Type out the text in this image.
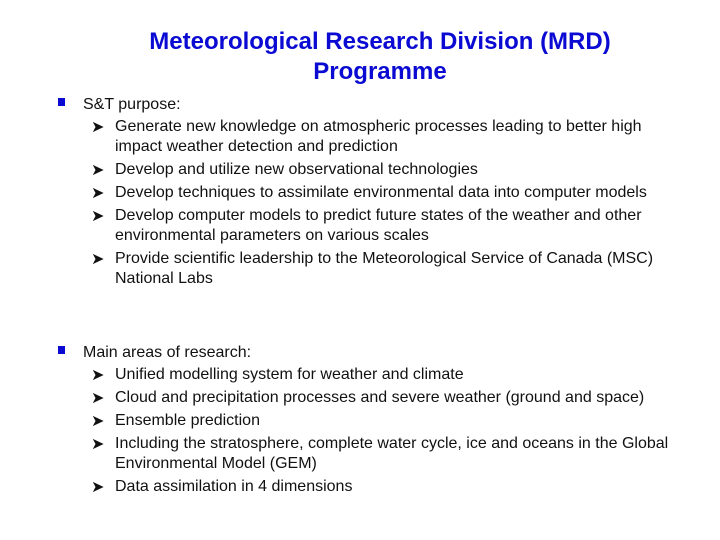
Meteorological Research Division (MRD)
Programme
S&T purpose:
➤ Generate new knowledge on atmospheric processes leading to better high impact weather detection and prediction
➤ Develop and utilize new observational technologies
➤ Develop techniques to assimilate environmental data into computer models
➤ Develop computer models to predict future states of the weather and other environmental parameters on various scales
➤ Provide scientific leadership to the Meteorological Service of Canada (MSC) National Labs
Main areas of research:
➤ Unified modelling system for weather and climate
➤ Cloud and precipitation processes and severe weather (ground and space)
➤ Ensemble prediction
➤ Including the stratosphere, complete water cycle, ice and oceans in the Global Environmental Model (GEM)
➤ Data assimilation in 4 dimensions
